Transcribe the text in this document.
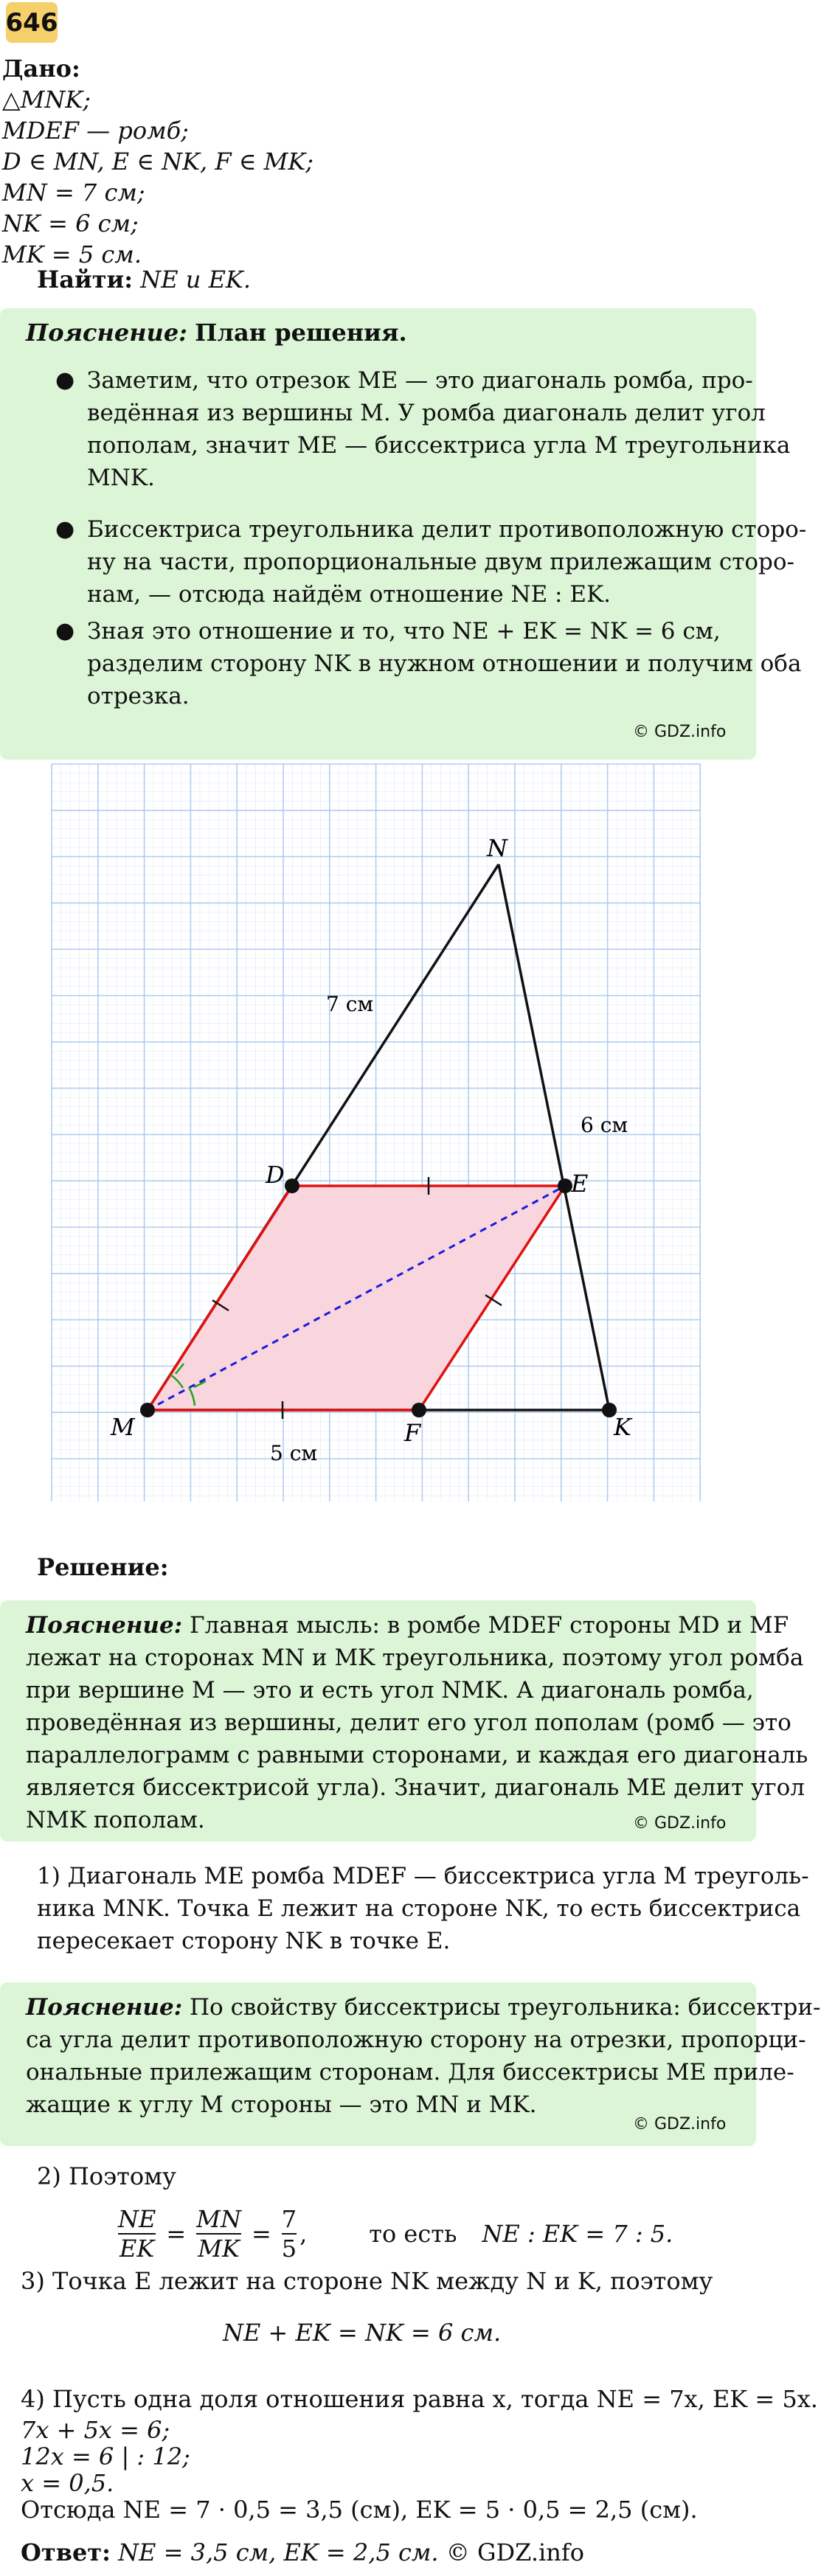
646
Дано:
△MNK;
MDEF — ромб;
D ∈ MN, E ∈ NK, F ∈ MK;
MN = 7 см;
NK = 6 см;
MK = 5 см.
Найти: NE и EK.
Пояснение: План решения.
● Заметим, что отрезок ME — это диагональ ромба, про-
ведённая из вершины M. У ромба диагональ делит угол
пополам, значит ME — биссектриса угла M треугольника
MNK.
● Биссектриса треугольника делит противоположную сторо-
ну на части, пропорциональные двум прилежащим сторо-
нам, — отсюда найдём отношение NE : EK.
● Зная это отношение и то, что NE + EK = NK = 6 см,
разделим сторону NK в нужном отношении и получим оба
отрезка.
© GDZ.info
N
D	E
M	F	K
7 см
6 см
5 см
Решение:
Пояснение: Главная мысль: в ромбе MDEF стороны MD и MF
лежат на сторонах MN и MK треугольника, поэтому угол ромба
при вершине M — это и есть угол NMK. А диагональ ромба,
проведённая из вершины, делит его угол пополам (ромб — это
параллелограмм с равными сторонами, и каждая его диагональ
является биссектрисой угла). Значит, диагональ ME делит угол
NMK пополам.	© GDZ.info
1) Диагональ ME ромба MDEF — биссектриса угла M треуголь-
ника MNK. Точка E лежит на стороне NK, то есть биссектриса
пересекает сторону NK в точке E.
Пояснение: По свойству биссектрисы треугольника: биссектри-
са угла делит противоположную сторону на отрезки, пропорци-
ональные прилежащим сторонам. Для биссектрисы ME приле-
жащие к углу M стороны — это MN и MK.
© GDZ.info
2) Поэтому
$\frac{NE}{EK} = \frac{MN}{MK} = \frac{7}{5}$ ,	то есть NE : EK = 7 : 5.
3) Точка E лежит на стороне NK между N и K, поэтому
NE + EK = NK = 6 см.
4) Пусть одна доля отношения равна x, тогда NE = 7x, EK = 5x.
7x + 5x = 6;
12x = 6 | : 12;
x = 0,5.
Отсюда NE = 7 · 0,5 = 3,5 (см), EK = 5 · 0,5 = 2,5 (см).
Ответ: NE = 3,5 см, EK = 2,5 см. © GDZ.info
